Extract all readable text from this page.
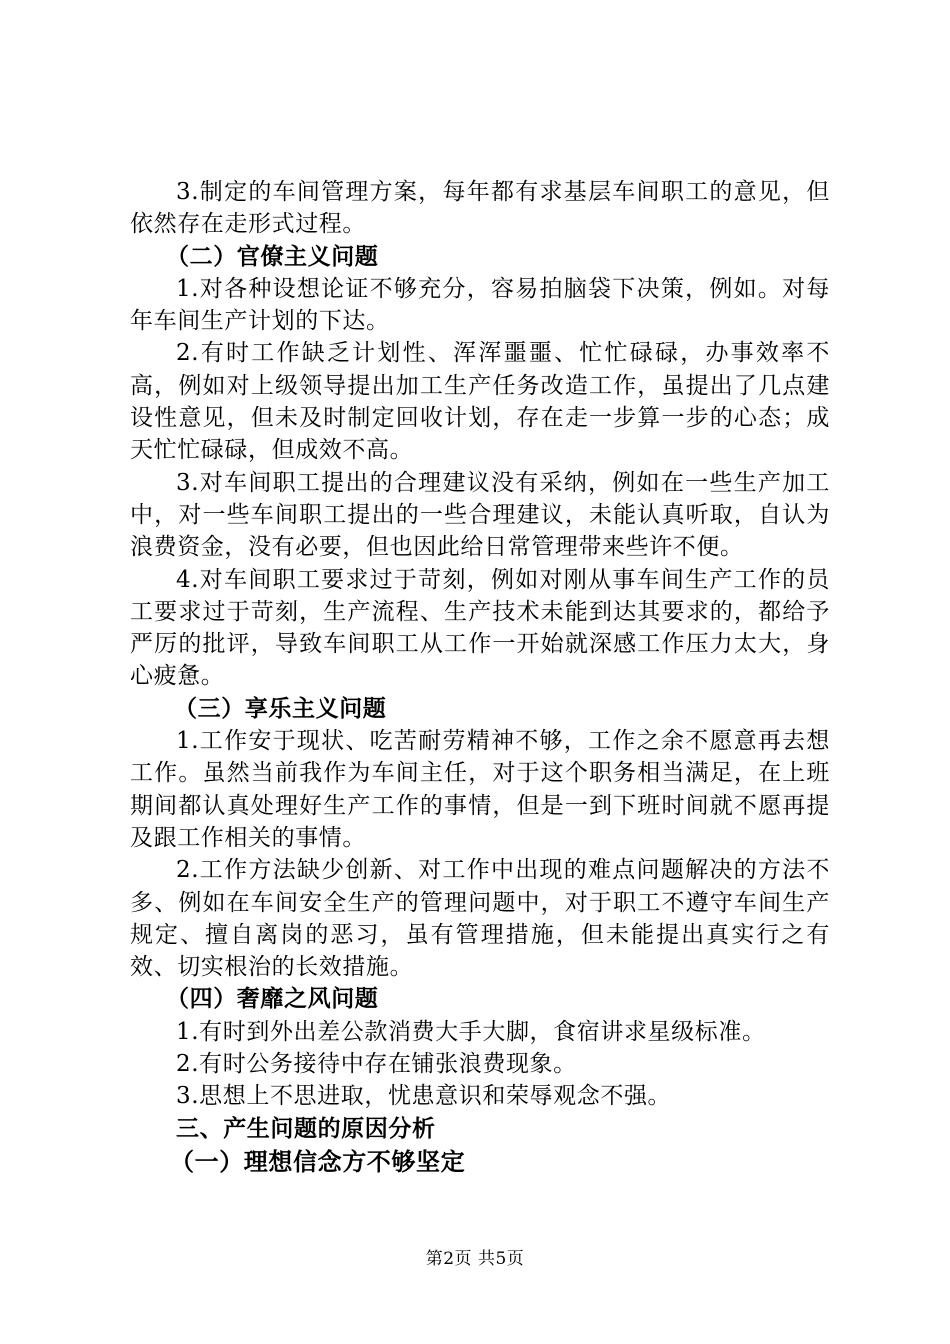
3.制定的车间管理方案，每年都有求基层车间职工的意见，但依然存在走形式过程。

（二）官僚主义问题

1.对各种设想论证不够充分，容易拍脑袋下决策，例如。对每年车间生产计划的下达。

2.有时工作缺乏计划性、浑浑噩噩、忙忙碌碌，办事效率不高，例如对上级领导提出加工生产任务改造工作，虽提出了几点建设性意见，但未及时制定回收计划，存在走一步算一步的心态；成天忙忙碌碌，但成效不高。

3.对车间职工提出的合理建议没有采纳，例如在一些生产加工中，对一些车间职工提出的一些合理建议，未能认真听取，自认为浪费资金，没有必要，但也因此给日常管理带来些许不便。

4.对车间职工要求过于苛刻，例如对刚从事车间生产工作的员工要求过于苛刻，生产流程、生产技术未能到达其要求的，都给予严厉的批评，导致车间职工从工作一开始就深感工作压力太大，身心疲惫。

（三）享乐主义问题

1.工作安于现状、吃苦耐劳精神不够，工作之余不愿意再去想工作。虽然当前我作为车间主任，对于这个职务相当满足，在上班期间都认真处理好生产工作的事情，但是一到下班时间就不愿再提及跟工作相关的事情。

2.工作方法缺少创新、对工作中出现的难点问题解决的方法不多、例如在车间安全生产的管理问题中，对于职工不遵守车间生产规定、擅自离岗的恶习，虽有管理措施，但未能提出真实行之有效、切实根治的长效措施。

（四）奢靡之风问题

1.有时到外出差公款消费大手大脚，食宿讲求星级标准。

2.有时公务接待中存在铺张浪费现象。

3.思想上不思进取，忧患意识和荣辱观念不强。

三、产生问题的原因分析

（一）理想信念方不够坚定

第2页 共5页
